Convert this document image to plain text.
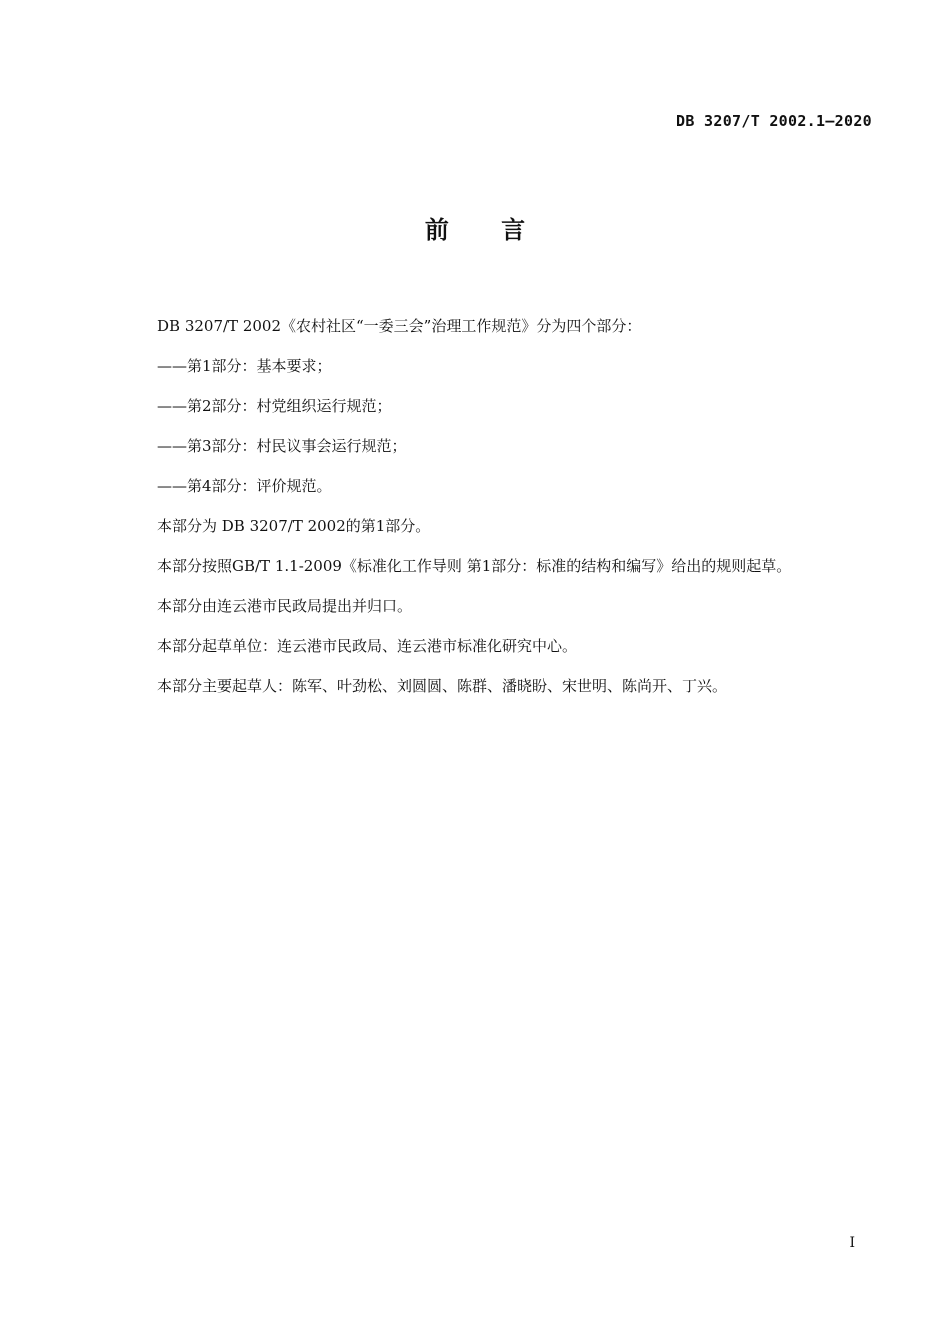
DB 3207/T 2002.1—2020
前 言
DB 3207/T 2002《农村社区“一委三会”治理工作规范》分为四个部分：
——第1部分：基本要求；
——第2部分：村党组织运行规范；
——第3部分：村民议事会运行规范；
——第4部分：评价规范。
本部分为 DB 3207/T 2002的第1部分。
本部分按照GB/T 1.1-2009《标准化工作导则 第1部分：标准的结构和编写》给出的规则起草。
本部分由连云港市民政局提出并归口。
本部分起草单位：连云港市民政局、连云港市标准化研究中心。
本部分主要起草人：陈军、叶劲松、刘圆圆、陈群、潘晓盼、宋世明、陈尚开、丁兴。
I
